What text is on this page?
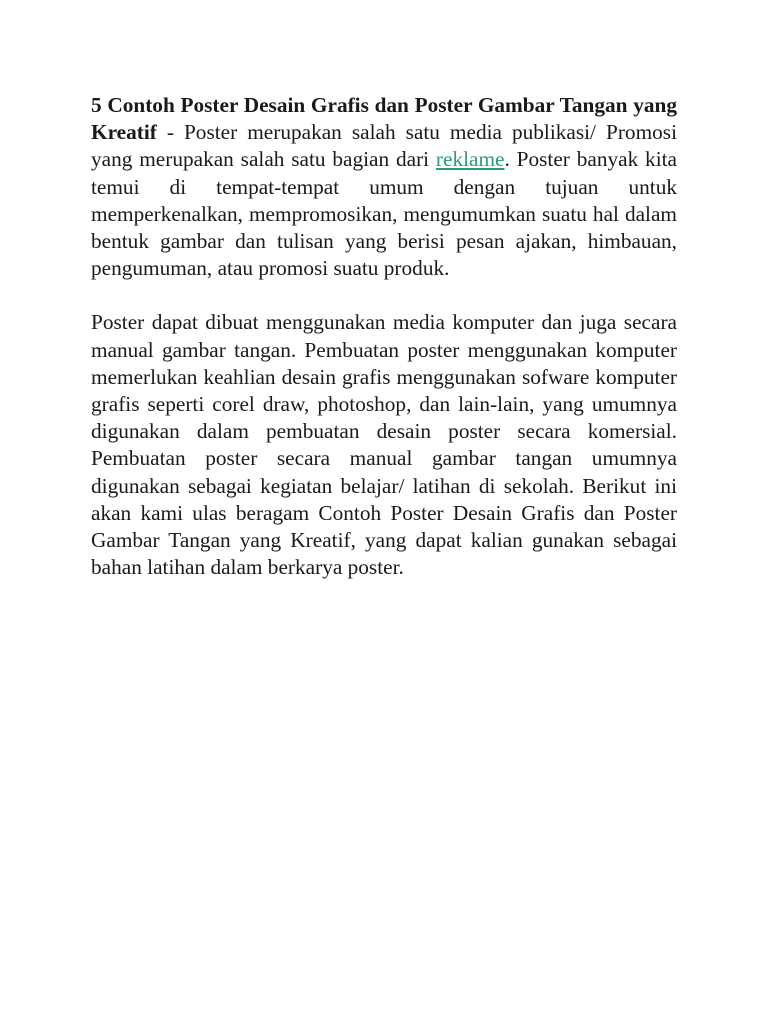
5 Contoh Poster Desain Grafis dan Poster Gambar Tangan yang Kreatif - Poster merupakan salah satu media publikasi/ Promosi yang merupakan salah satu bagian dari reklame. Poster banyak kita temui di tempat-tempat umum dengan tujuan untuk memperkenalkan, mempromosikan, mengumumkan suatu hal dalam bentuk gambar dan tulisan yang berisi pesan ajakan, himbauan, pengumuman, atau promosi suatu produk.

Poster dapat dibuat menggunakan media komputer dan juga secara manual gambar tangan. Pembuatan poster menggunakan komputer memerlukan keahlian desain grafis menggunakan sofware komputer grafis seperti corel draw, photoshop, dan lain-lain, yang umumnya digunakan dalam pembuatan desain poster secara komersial. Pembuatan poster secara manual gambar tangan umumnya digunakan sebagai kegiatan belajar/ latihan di sekolah. Berikut ini akan kami ulas beragam Contoh Poster Desain Grafis dan Poster Gambar Tangan yang Kreatif, yang dapat kalian gunakan sebagai bahan latihan dalam berkarya poster.
